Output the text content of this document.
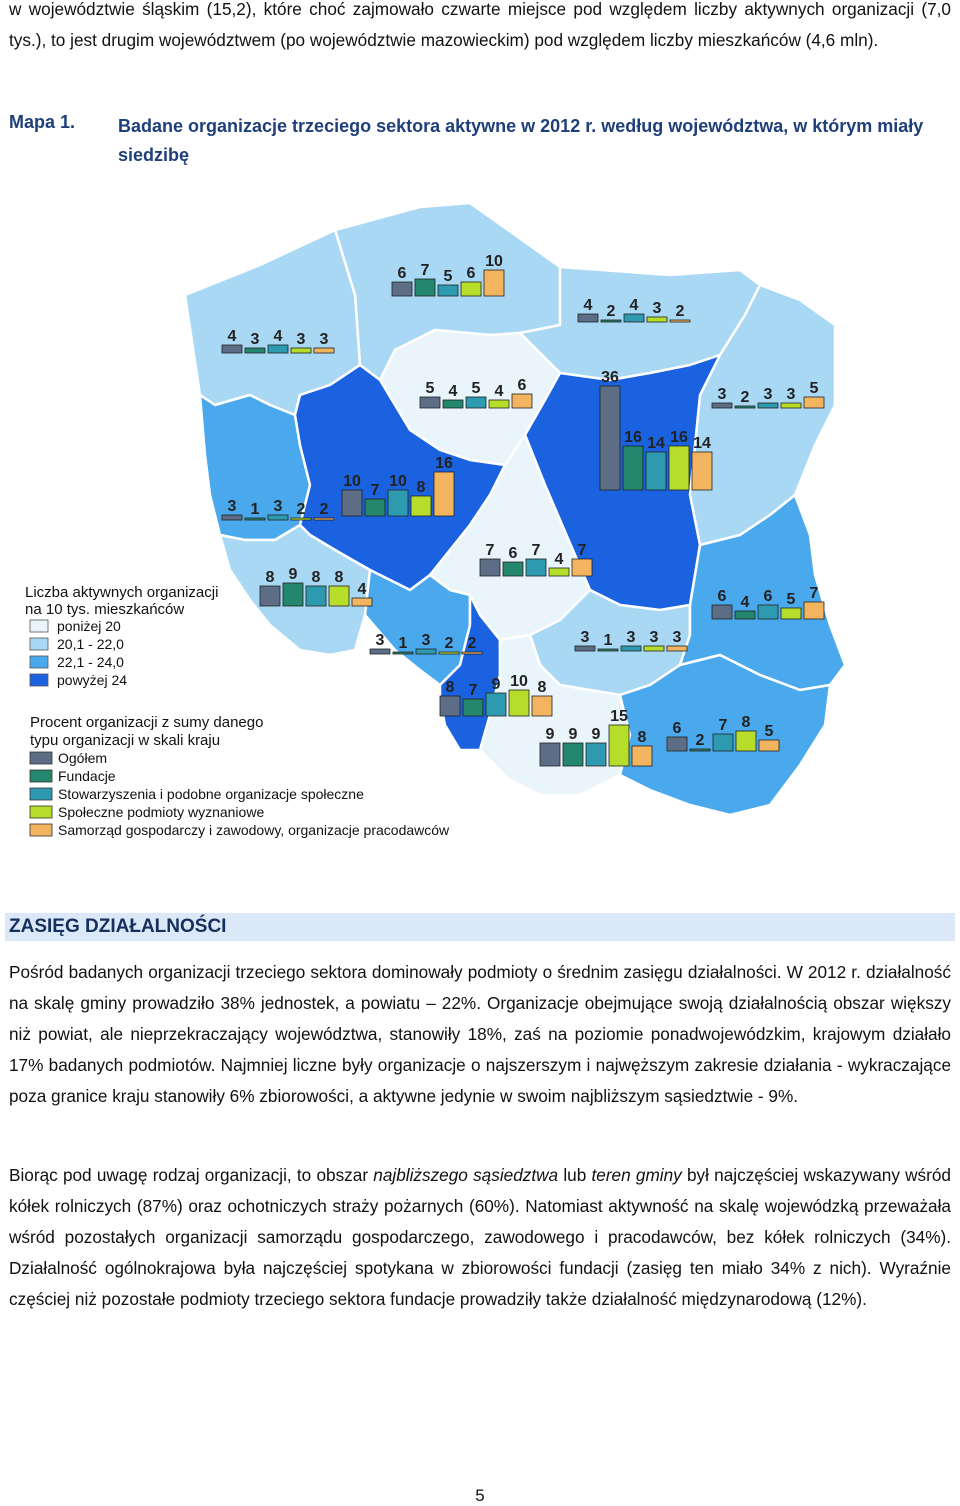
w województwie śląskim (15,2), które choć zajmowało czwarte miejsce pod względem liczby aktywnych organizacji (7,0 tys.), to jest drugim województwem (po województwie mazowieckim) pod względem liczby mieszkańców (4,6 mln).

Mapa 1. Badane organizacje trzeciego sektora aktywne w 2012 r. według województwa, w którym miały siedzibę
6 7 5 6
10
4 2 4 3 2
4 3 4 3 3
5 4 5 4 6
3 2 3 3 5
36
16 14 16 14
3 1 3 2 2
10
7
10 8
16
7 6 7
4
7
8 9 8 8
4
3 1 3 2 2	3 1 3 3 3
6 4 6 5 7
8 7 9 10 8
9 9 9
15
8
6
2
7 8
5
Liczba aktywnych organizacji
na 10 tys. mieszkańców
poniżej 20
20,1 - 22,0
22,1 - 24,0
powyżej 24
Procent organizacji z sumy danego
typu organizacji w skali kraju
Ogółem
Fundacje
Stowarzyszenia i podobne organizacje społeczne
Społeczne podmioty wyznaniowe
Samorząd gospodarczy i zawodowy, organizacje pracodawców
ZASIĘG DZIAŁALNOŚCI

Pośród badanych organizacji trzeciego sektora dominowały podmioty o średnim zasięgu działalności. W 2012 r. działalność na skalę gminy prowadziło 38% jednostek, a powiatu – 22%. Organizacje obejmujące swoją działalnością obszar większy niż powiat, ale nieprzekraczający województwa, stanowiły 18%, zaś na poziomie ponadwojewódzkim, krajowym działało 17% badanych podmiotów. Najmniej liczne były organizacje o najszerszym i najwęższym zakresie działania - wykraczające poza granice kraju stanowiły 6% zbiorowości, a aktywne jedynie w swoim najbliższym sąsiedztwie - 9%.

Biorąc pod uwagę rodzaj organizacji, to obszar najbliższego sąsiedztwa lub teren gminy był najczęściej wskazywany wśród kółek rolniczych (87%) oraz ochotniczych straży pożarnych (60%). Natomiast aktywność na skalę wojewódzką przeważała wśród pozostałych organizacji samorządu gospodarczego, zawodowego i pracodawców, bez kółek rolniczych (34%). Działalność ogólnokrajowa była najczęściej spotykana w zbiorowości fundacji (zasięg ten miało 34% z nich). Wyraźnie częściej niż pozostałe podmioty trzeciego sektora fundacje prowadziły także działalność międzynarodową (12%).

5
